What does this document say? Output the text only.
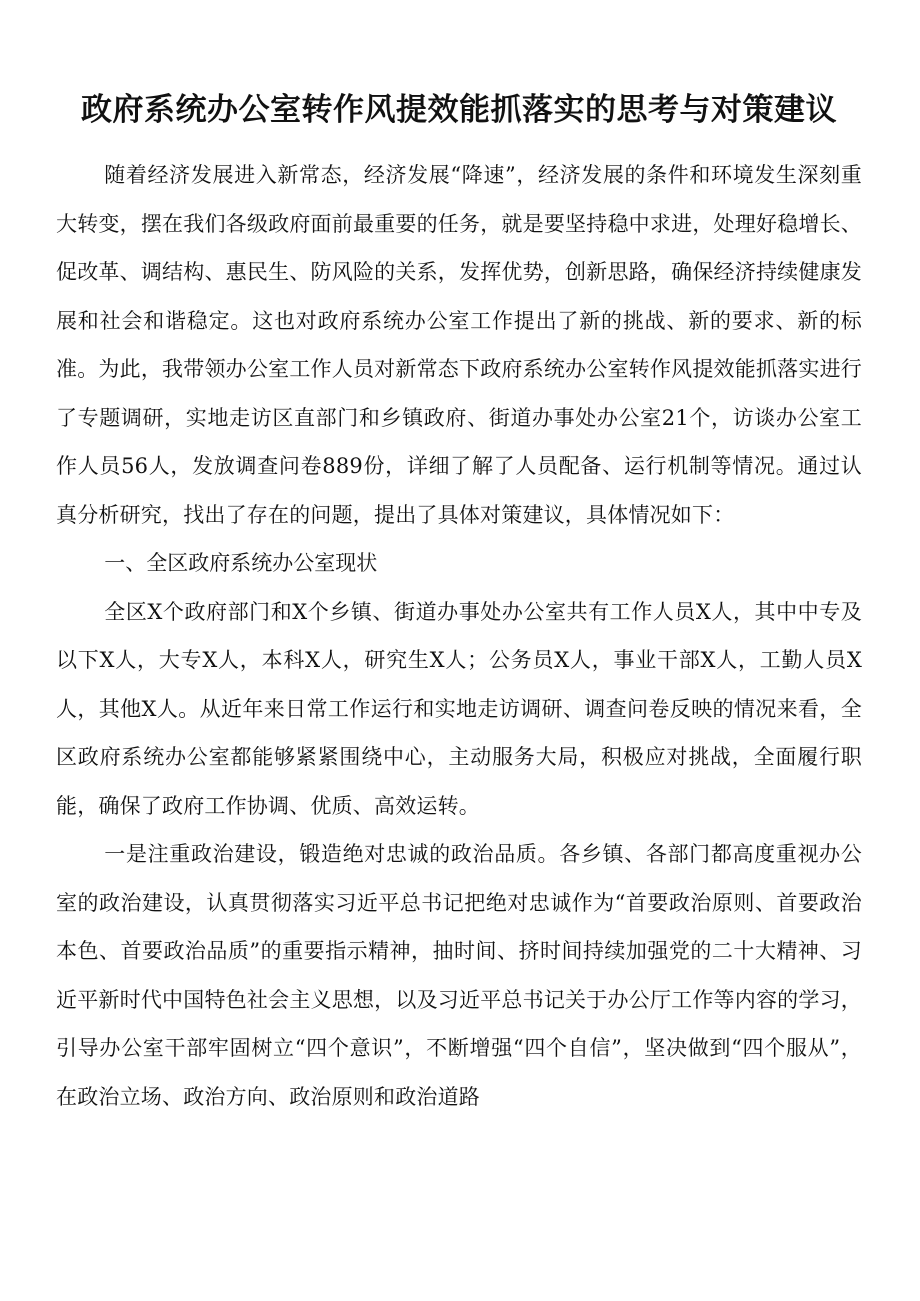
政府系统办公室转作风提效能抓落实的思考与对策建议

随着经济发展进入新常态，经济发展“降速”，经济发展的条件和环境发生深刻重大转变，摆在我们各级政府面前最重要的任务，就是要坚持稳中求进，处理好稳增长、促改革、调结构、惠民生、防风险的关系，发挥优势，创新思路，确保经济持续健康发展和社会和谐稳定。这也对政府系统办公室工作提出了新的挑战、新的要求、新的标准。为此，我带领办公室工作人员对新常态下政府系统办公室转作风提效能抓落实进行了专题调研，实地走访区直部门和乡镇政府、街道办事处办公室21个，访谈办公室工作人员56人，发放调查问卷889份，详细了解了人员配备、运行机制等情况。通过认真分析研究，找出了存在的问题，提出了具体对策建议，具体情况如下：

一、全区政府系统办公室现状

全区X个政府部门和X个乡镇、街道办事处办公室共有工作人员X人，其中中专及以下X人，大专X人，本科X人，研究生X人；公务员X人，事业干部X人，工勤人员X人，其他X人。从近年来日常工作运行和实地走访调研、调查问卷反映的情况来看，全区政府系统办公室都能够紧紧围绕中心，主动服务大局，积极应对挑战，全面履行职能，确保了政府工作协调、优质、高效运转。

一是注重政治建设，锻造绝对忠诚的政治品质。各乡镇、各部门都高度重视办公室的政治建设，认真贯彻落实习近平总书记把绝对忠诚作为“首要政治原则、首要政治本色、首要政治品质”的重要指示精神，抽时间、挤时间持续加强党的二十大精神、习近平新时代中国特色社会主义思想，以及习近平总书记关于办公厅工作等内容的学习，引导办公室干部牢固树立“四个意识”，不断增强“四个自信”，坚决做到“四个服从”，在政治立场、政治方向、政治原则和政治道路
